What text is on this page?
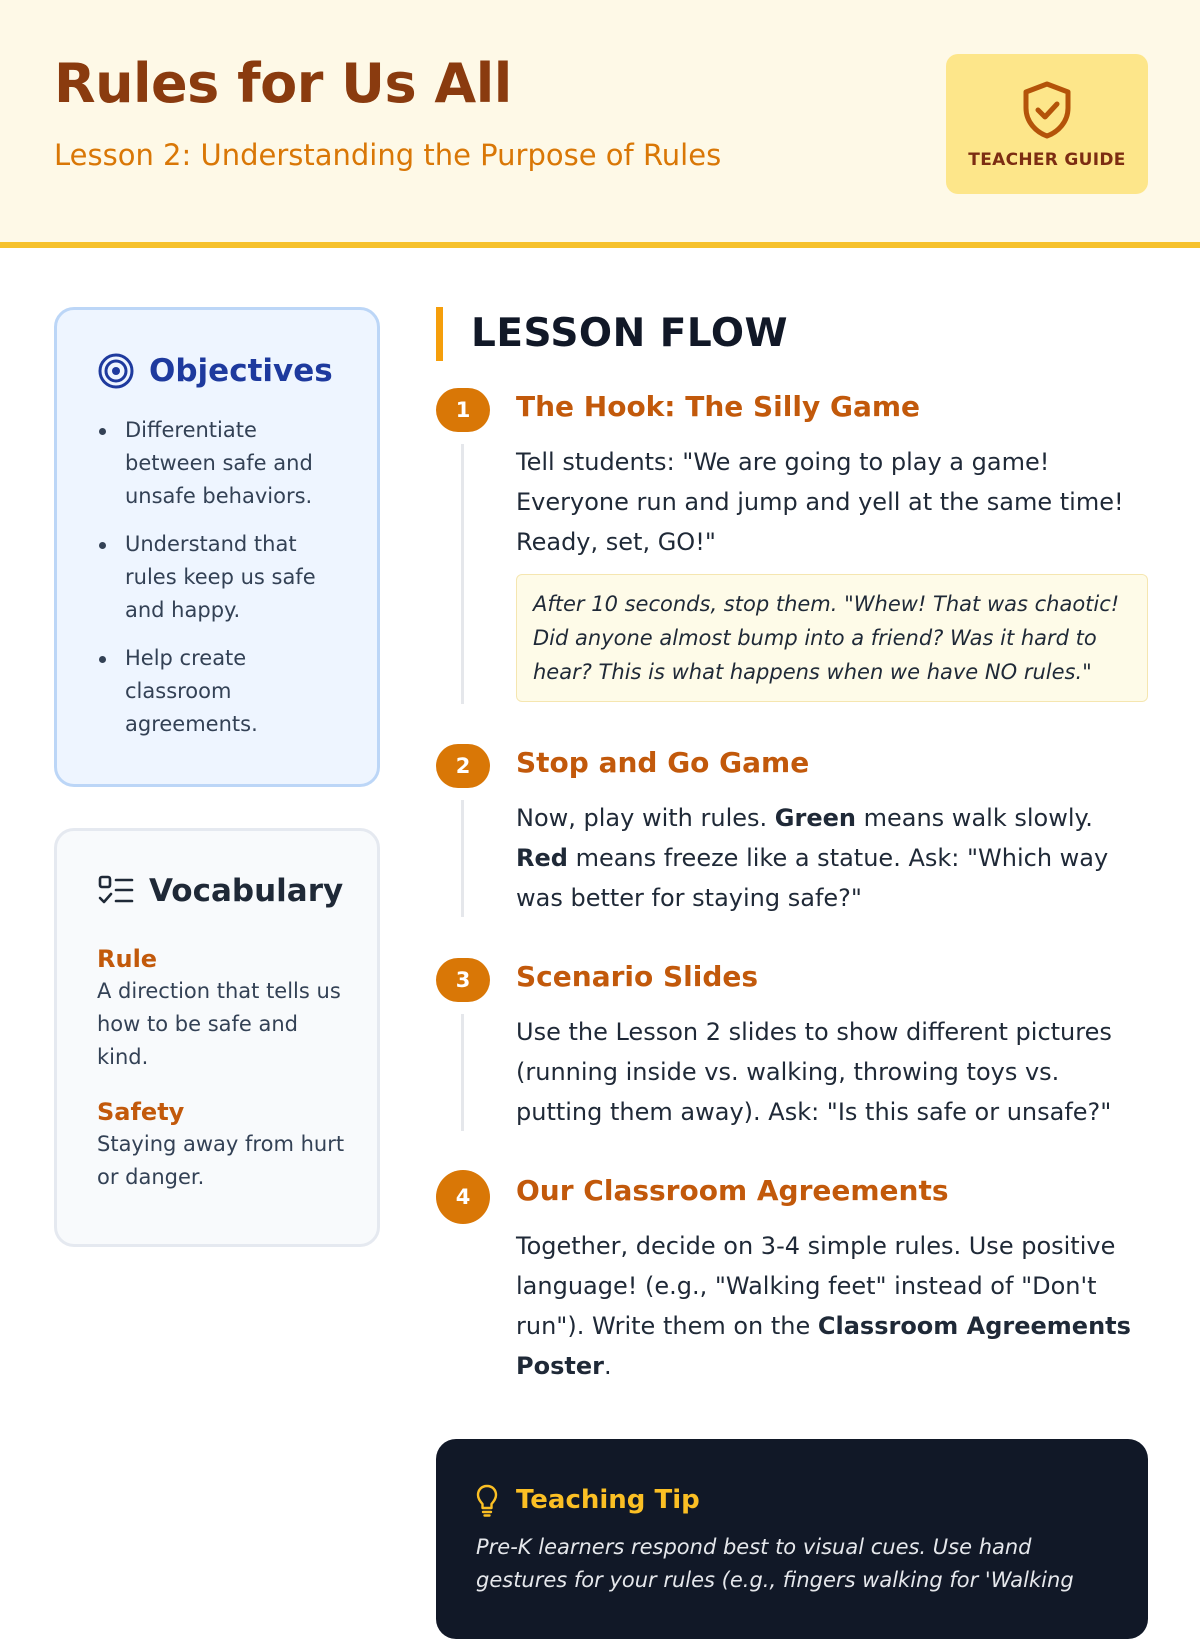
Rules for Us All

Lesson 2: Understanding the Purpose of Rules	TEACHER GUIDE
Objectives
Differentiate between safe and unsafe behaviors.
Understand that rules keep us safe and happy.
Help create classroom agreements.
Vocabulary
Rule
A direction that tells us how to be safe and kind.
Safety
Staying away from hurt or danger.
LESSON FLOW
1	The Hook: The Silly Game

Tell students: "We are going to play a game! Everyone run and jump and yell at the same time! Ready, set, GO!"

After 10 seconds, stop them. "Whew! That was chaotic! Did anyone almost bump into a friend? Was it hard to hear? This is what happens when we have NO rules."
2	Stop and Go Game

Now, play with rules. Green means walk slowly. Red means freeze like a statue. Ask: "Which way was better for staying safe?"

3	Scenario Slides

Use the Lesson 2 slides to show different pictures (running inside vs. walking, throwing toys vs. putting them away). Ask: "Is this safe or unsafe?"

4	Our Classroom Agreements

Together, decide on 3-4 simple rules. Use positive language! (e.g., "Walking feet" instead of "Don't run"). Write them on the Classroom Agreements Poster.

Teaching Tip

Pre-K learners respond best to visual cues. Use hand gestures for your rules (e.g., fingers walking for 'Walking
